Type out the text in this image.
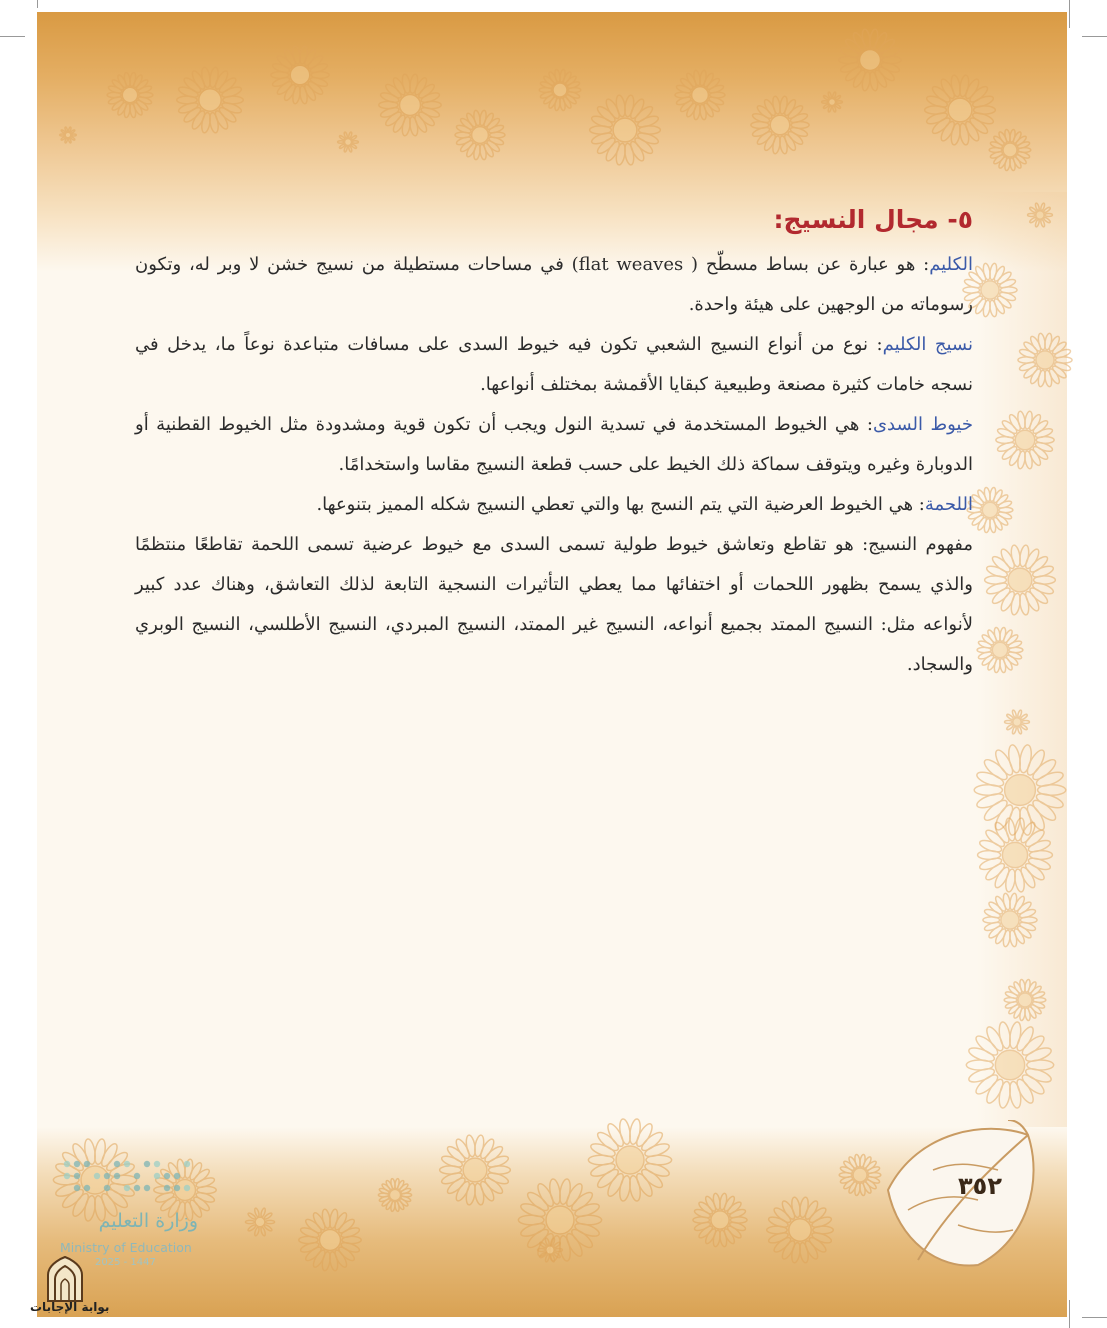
٥- مجال النسيج:

الكليم: هو عبارة عن بساط مسطّح ( flat weaves) في مساحات مستطيلة من نسيج خشن لا وبر له، وتكون رسوماته من الوجهين على هيئة واحدة.

نسيج الكليم: نوع من أنواع النسيج الشعبي تكون فيه خيوط السدى على مسافات متباعدة نوعاً ما، يدخل في نسجه خامات كثيرة مصنعة وطبيعية كبقايا الأقمشة بمختلف أنواعها.

خيوط السدى: هي الخيوط المستخدمة في تسدية النول ويجب أن تكون قوية ومشدودة مثل الخيوط القطنية أو الدوبارة وغيره ويتوقف سماكة ذلك الخيط على حسب قطعة النسيج مقاسا واستخدامًا.

اللحمة: هي الخيوط العرضية التي يتم النسج بها والتي تعطي النسيج شكله المميز بتنوعها.

مفهوم النسيج: هو تقاطع وتعاشق خيوط طولية تسمى السدى مع خيوط عرضية تسمى اللحمة تقاطعًا منتظمًا والذي يسمح بظهور اللحمات أو اختفائها مما يعطي التأثيرات النسجية التابعة لذلك التعاشق، وهناك عدد كبير لأنواعه مثل: النسيج الممتد بجميع أنواعه، النسيج غير الممتد، النسيج المبردي، النسيج الأطلسي، النسيج الوبري والسجاد.

٣٥٢
وزارة التعليم
Ministry of Education
2025 - 1447
بوابة الإجابات
